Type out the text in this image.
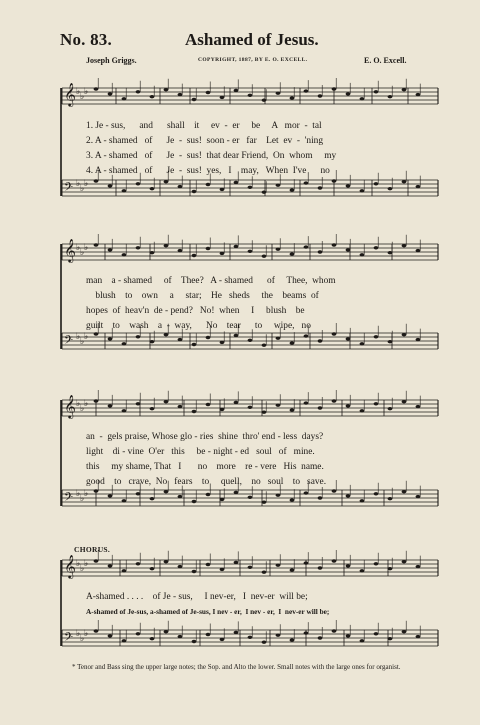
No. 83.	Ashamed of Jesus.
Joseph Griggs.	COPYRIGHT, 1887, BY E. O. EXCELL.	E. O. Excell.
𝄞 ♭ ♭ ♭
𝄢 ♭ ♭ ♭
𝄞 ♭ ♭ ♭
𝄢 ♭ ♭ ♭
𝄞 ♭ ♭ ♭
𝄢 ♭ ♭ ♭
𝄞 ♭ ♭ ♭
𝄢 ♭ ♭ ♭
1. Je - sus,      and      shall    it     ev  -  er     be     A   mor  -  tal
2. A - shamed   of      Je  -  sus!  soon - er   far    Let  ev  -  'ning
3. A - shamed   of      Je  -  sus!  that dear Friend,  On  whom     my
4. A - shamed   of      Je  -  sus!  yes,   I    may,   When  I've      no
man    a - shamed     of    Thee?   A - shamed      of     Thee,  whom
blush    to    own     a     star;    He   sheds     the    beams  of
hopes  of  heav'n  de - pend?   No!  when     I     blush    be
guilt    to    wash    a  -  way,      No    tear      to     wipe,   no
an  -  gels praise, Whose glo - ries  shine  thro' end - less  days?
light    di - vine  O'er   this     be - night - ed   soul   of   mine.
this     my shame, That   I       no    more    re - vere   His  name.
good    to   crave,  No   fears    to     quell,    no   soul    to   save.
CHORUS.
A-shamed . . . .    of Je - sus,     I nev-er,   I  nev-er  will be;
A-shamed of Je-sus, a-shamed of Je-sus, I nev - er,  I nev - er,  I  nev-er will be;
* Tenor and Bass sing the upper large notes; the Sop. and Alto the lower. Small notes with the large ones for organist.
